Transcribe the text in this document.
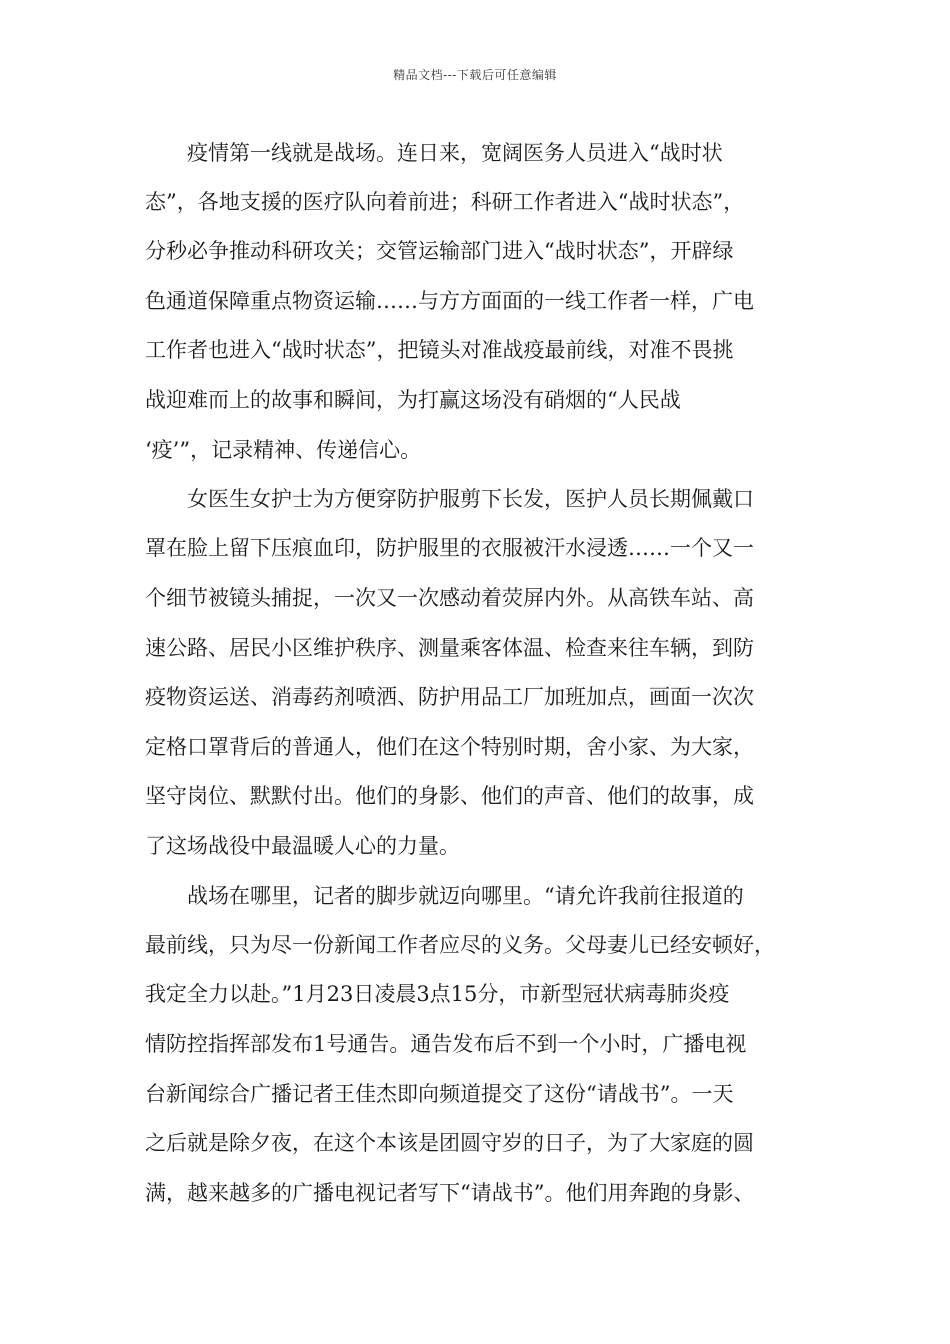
精品文档---下载后可任意编辑
　　疫情第一线就是战场。连日来，宽阔医务人员进入“战时状
态”，各地支援的医疗队向着前进；科研工作者进入“战时状态”，
分秒必争推动科研攻关；交管运输部门进入“战时状态”，开辟绿
色通道保障重点物资运输……与方方面面的一线工作者一样，广电
工作者也进入“战时状态”，把镜头对准战疫最前线，对准不畏挑
战迎难而上的故事和瞬间，为打赢这场没有硝烟的“人民战
‘疫’”，记录精神、传递信心。
　　女医生女护士为方便穿防护服剪下长发，医护人员长期佩戴口
罩在脸上留下压痕血印，防护服里的衣服被汗水浸透……一个又一
个细节被镜头捕捉，一次又一次感动着荧屏内外。从高铁车站、高
速公路、居民小区维护秩序、测量乘客体温、检查来往车辆，到防
疫物资运送、消毒药剂喷洒、防护用品工厂加班加点，画面一次次
定格口罩背后的普通人，他们在这个特别时期，舍小家、为大家，
坚守岗位、默默付出。他们的身影、他们的声音、他们的故事，成
了这场战役中最温暖人心的力量。
　　战场在哪里，记者的脚步就迈向哪里。“请允许我前往报道的
最前线，只为尽一份新闻工作者应尽的义务。父母妻儿已经安顿好，
我定全力以赴。”1月23日凌晨3点15分，市新型冠状病毒肺炎疫
情防控指挥部发布1号通告。通告发布后不到一个小时，广播电视
台新闻综合广播记者王佳杰即向频道提交了这份“请战书”。一天
之后就是除夕夜，在这个本该是团圆守岁的日子，为了大家庭的圆
满，越来越多的广播电视记者写下“请战书”。他们用奔跑的身影、
